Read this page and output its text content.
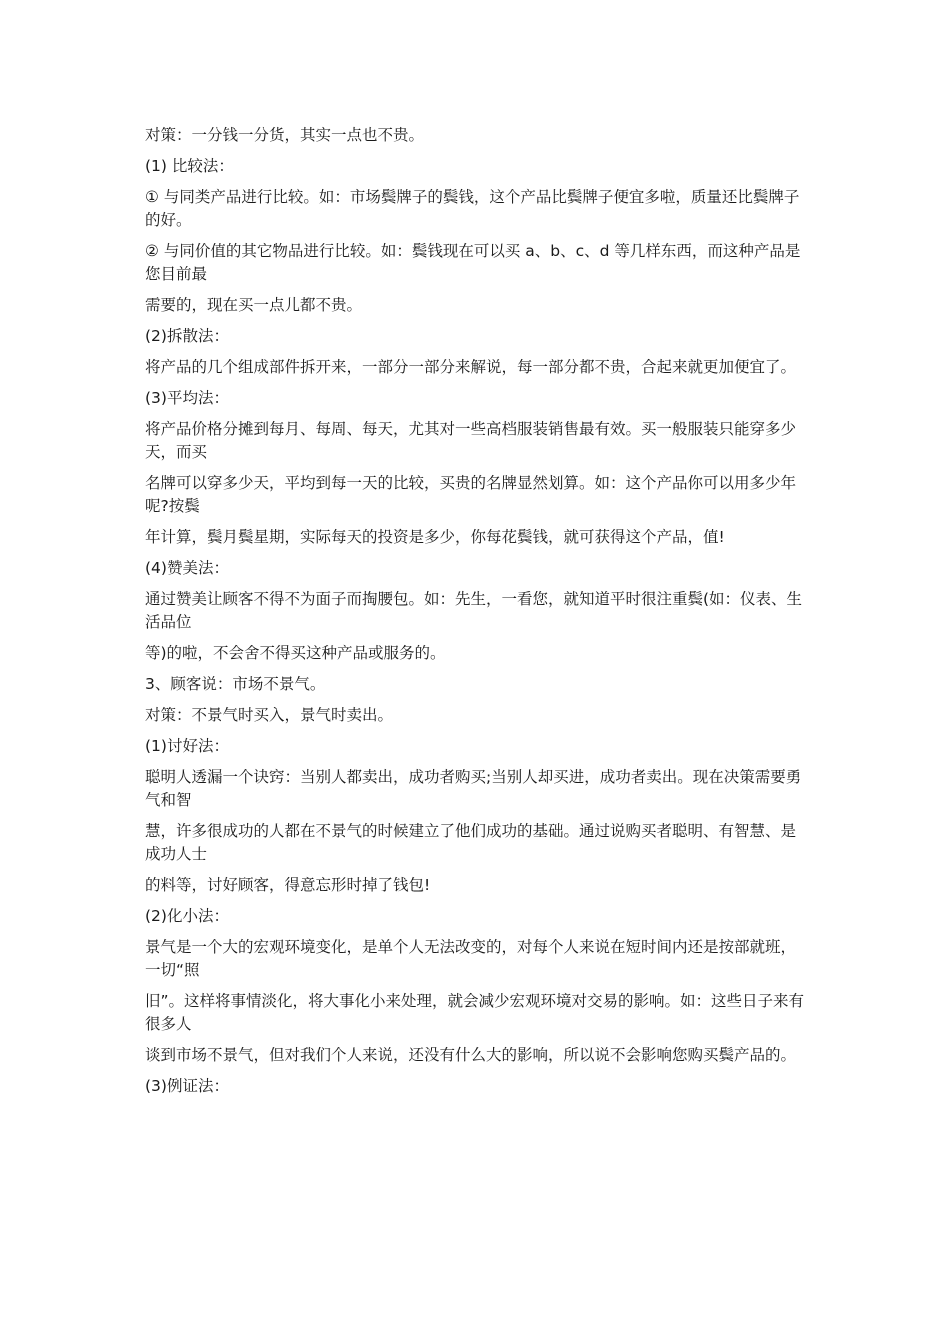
对策：一分钱一分货，其实一点也不贵。

(1) 比较法：

① 与同类产品进行比较。如：市场鬓牌子的鬓钱，这个产品比鬓牌子便宜多啦，质量还比鬓牌子的好。

② 与同价值的其它物品进行比较。如：鬓钱现在可以买 a、b、c、d 等几样东西，而这种产品是您目前最

需要的，现在买一点儿都不贵。

(2)拆散法：

将产品的几个组成部件拆开来，一部分一部分来解说，每一部分都不贵，合起来就更加便宜了。

(3)平均法：

将产品价格分摊到每月、每周、每天，尤其对一些高档服装销售最有效。买一般服装只能穿多少天，而买

名牌可以穿多少天，平均到每一天的比较，买贵的名牌显然划算。如：这个产品你可以用多少年呢?按鬓

年计算，鬓月鬓星期，实际每天的投资是多少，你每花鬓钱，就可获得这个产品，值!

(4)赞美法：

通过赞美让顾客不得不为面子而掏腰包。如：先生，一看您，就知道平时很注重鬓(如：仪表、生活品位

等)的啦，不会舍不得买这种产品或服务的。

3、顾客说：市场不景气。

对策：不景气时买入，景气时卖出。

(1)讨好法：

聪明人透漏一个诀窍：当别人都卖出，成功者购买;当别人却买进，成功者卖出。现在决策需要勇气和智

慧，许多很成功的人都在不景气的时候建立了他们成功的基础。通过说购买者聪明、有智慧、是成功人士

的料等，讨好顾客，得意忘形时掉了钱包!

(2)化小法：

景气是一个大的宏观环境变化，是单个人无法改变的，对每个人来说在短时间内还是按部就班，一切“照

旧”。这样将事情淡化，将大事化小来处理，就会减少宏观环境对交易的影响。如：这些日子来有很多人

谈到市场不景气，但对我们个人来说，还没有什么大的影响，所以说不会影响您购买鬓产品的。

(3)例证法：
